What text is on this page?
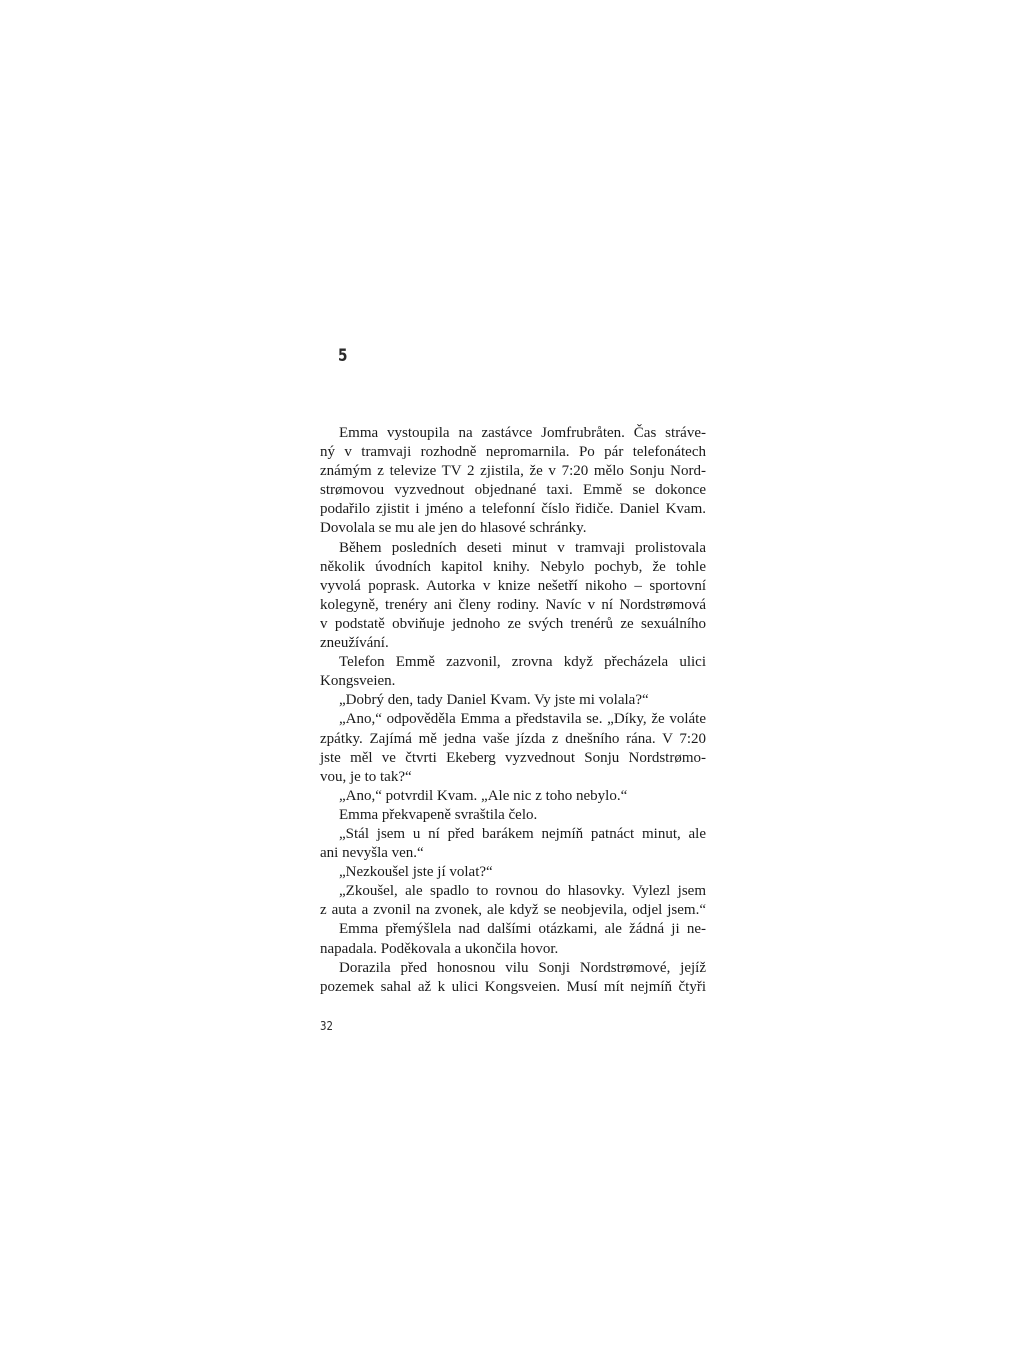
5
Emma vystoupila na zastávce Jomfrubråten. Čas stráve-
ný v tramvaji rozhodně nepromarnila. Po pár telefonátech
známým z televize TV 2 zjistila, že v 7:20 mělo Sonju Nord-
strømovou vyzvednout objednané taxi. Emmě se dokonce
podařilo zjistit i jméno a telefonní číslo řidiče. Daniel Kvam.
Dovolala se mu ale jen do hlasové schránky.
Během posledních deseti minut v tramvaji prolistovala
několik úvodních kapitol knihy. Nebylo pochyb, že tohle
vyvolá poprask. Autorka v knize nešetří nikoho – sportovní
kolegyně, trenéry ani členy rodiny. Navíc v ní Nordstrømová
v podstatě obviňuje jednoho ze svých trenérů ze sexuálního
zneužívání.
Telefon Emmě zazvonil, zrovna když přecházela ulici
Kongsveien.
„Dobrý den, tady Daniel Kvam. Vy jste mi volala?“
„Ano,“ odpověděla Emma a představila se. „Díky, že voláte
zpátky. Zajímá mě jedna vaše jízda z dnešního rána. V 7:20
jste měl ve čtvrti Ekeberg vyzvednout Sonju Nordstrømo-
vou, je to tak?“
„Ano,“ potvrdil Kvam. „Ale nic z toho nebylo.“
Emma překvapeně svraštila čelo.
„Stál jsem u ní před barákem nejmíň patnáct minut, ale
ani nevyšla ven.“
„Nezkoušel jste jí volat?“
„Zkoušel, ale spadlo to rovnou do hlasovky. Vylezl jsem
z auta a zvonil na zvonek, ale když se neobjevila, odjel jsem.“
Emma přemýšlela nad dalšími otázkami, ale žádná ji ne-
napadala. Poděkovala a ukončila hovor.
Dorazila před honosnou vilu Sonji Nordstrømové, jejíž
pozemek sahal až k ulici Kongsveien. Musí mít nejmíň čtyři
32
